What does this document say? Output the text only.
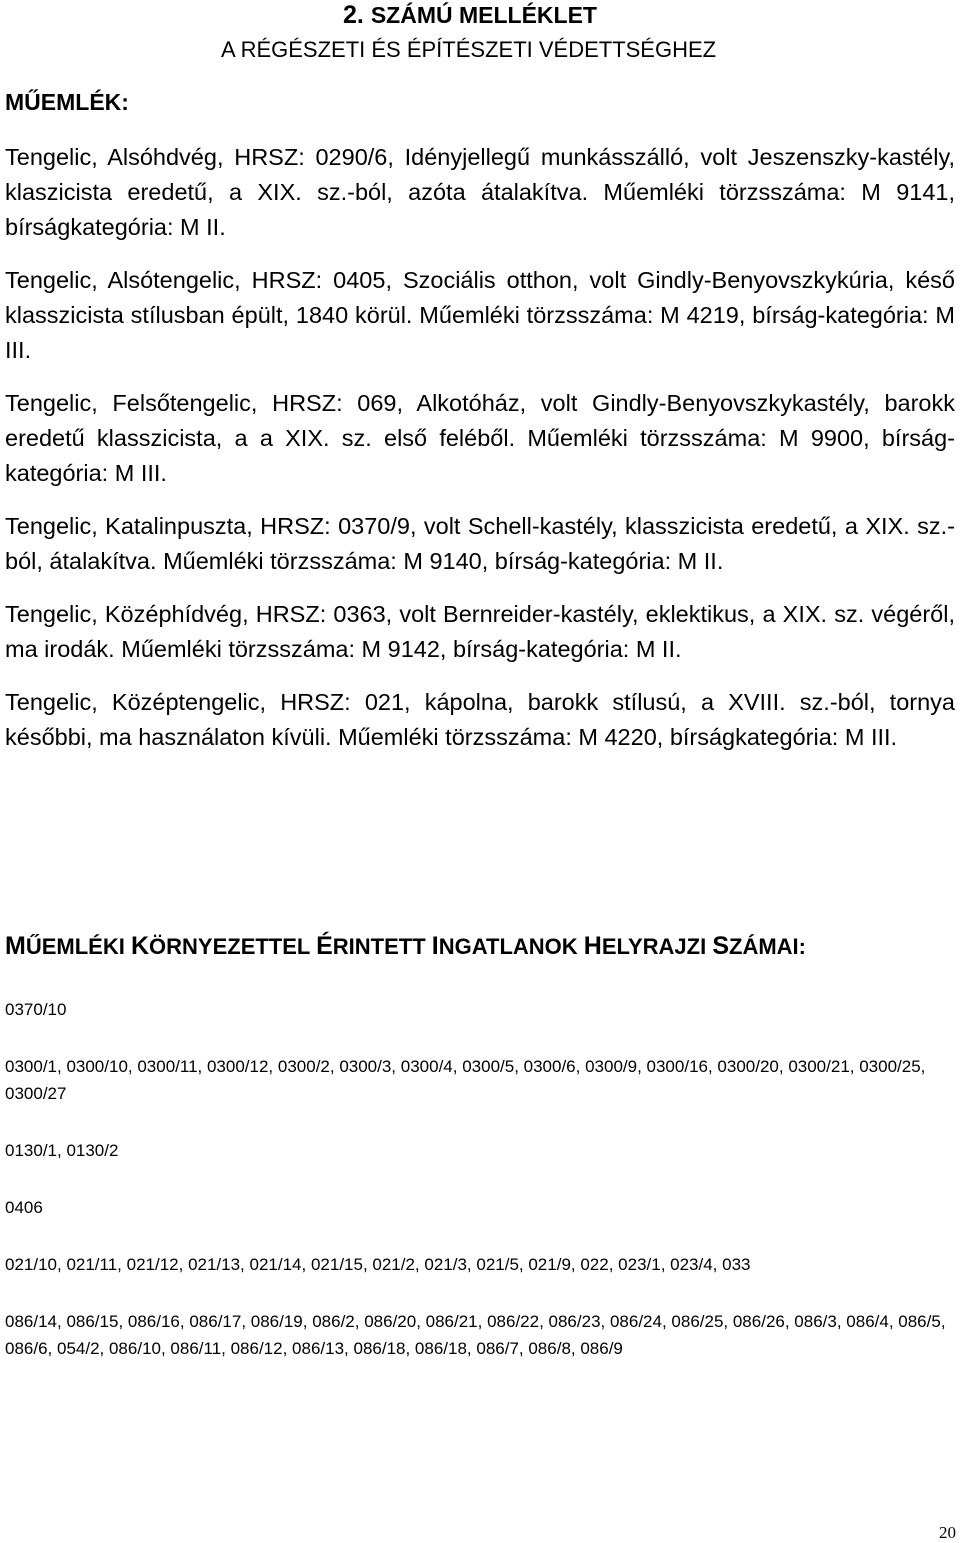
2. SZÁMÚ MELLÉKLET
A RÉGÉSZETI ÉS ÉPÍTÉSZETI VÉDETTSÉGHEZ
MŰEMLÉK:

Tengelic, Alsóhdvég, HRSZ: 0290/6, Idényjellegű munkásszálló, volt Jeszenszky-kastély, klaszicista eredetű, a XIX. sz.-ból, azóta átalakítva. Műemléki törzsszáma: M 9141, bírságkategória: M II.

Tengelic, Alsótengelic, HRSZ: 0405, Szociális otthon, volt Gindly-Benyovszkykúria, késő klasszicista stílusban épült, 1840 körül. Műemléki törzsszáma: M 4219, bírság-kategória: M III.

Tengelic, Felsőtengelic, HRSZ: 069, Alkotóház, volt Gindly-Benyovszkykastély, barokk eredetű klasszicista, a a XIX. sz. első feléből. Műemléki törzsszáma: M 9900, bírság-kategória: M III.

Tengelic, Katalinpuszta, HRSZ: 0370/9, volt Schell-kastély, klasszicista eredetű, a XIX. sz.-ból, átalakítva. Műemléki törzsszáma: M 9140, bírság-kategória: M II.

Tengelic, Középhídvég, HRSZ: 0363, volt Bernreider-kastély, eklektikus, a XIX. sz. végéről, ma irodák. Műemléki törzsszáma: M 9142, bírság-kategória: M II.

Tengelic, Középtengelic, HRSZ: 021, kápolna, barokk stílusú, a XVIII. sz.-ból, tornya későbbi, ma használaton kívüli. Műemléki törzsszáma: M 4220, bírságkategória: M III.

MŰEMLÉKI KÖRNYEZETTEL ÉRINTETT INGATLANOK HELYRAJZI SZÁMAI:

0370/10

0300/1, 0300/10, 0300/11, 0300/12, 0300/2, 0300/3, 0300/4, 0300/5, 0300/6, 0300/9, 0300/16, 0300/20, 0300/21, 0300/25, 0300/27

0130/1, 0130/2

0406

021/10, 021/11, 021/12, 021/13, 021/14, 021/15, 021/2, 021/3, 021/5, 021/9, 022, 023/1, 023/4, 033

086/14, 086/15, 086/16, 086/17, 086/19, 086/2, 086/20, 086/21, 086/22, 086/23, 086/24, 086/25, 086/26, 086/3, 086/4, 086/5, 086/6, 054/2, 086/10, 086/11, 086/12, 086/13, 086/18, 086/18, 086/7, 086/8, 086/9

20
